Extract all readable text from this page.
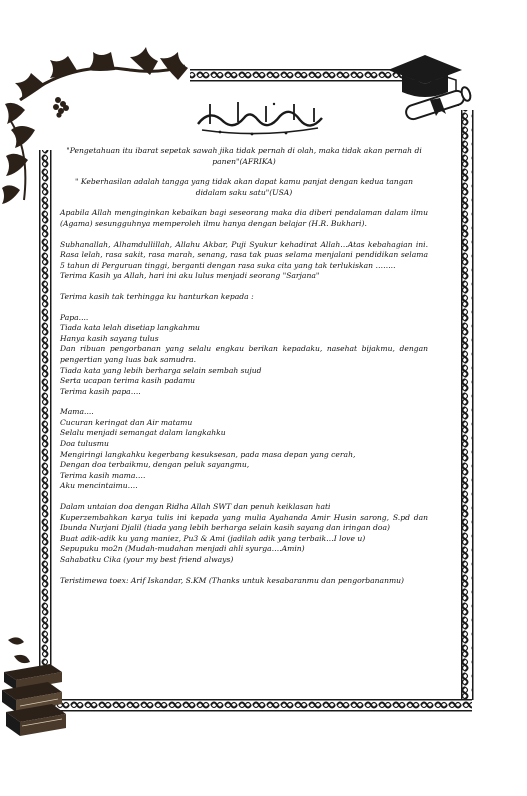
بسم الله الرحمن الرحيم

"Pengetahuan itu ibarat sepetak sawah jika tidak pernah di olah, maka tidak akan pernah di panen"(AFRIKA)

" Keberhasilan adalah tangga yang tidak akan dapat kamu panjat dengan kedua tangan didalam saku satu"(USA)

Apabila Allah menginginkan kebaikan bagi seseorang maka dia diberi pendalaman dalam ilmu (Agama) sesungguhnya memperoleh ilmu hanya dengan belajar (H.R. Bukhari).

Subhanallah, Alhamdullillah, Allahu Akbar, Puji Syukur kehadirat Allah…Atas kebahagian ini. Rasa lelah, rasa sakit, rasa marah, senang, rasa tak puas selama menjalani pendidikan selama 5 tahun di Perguruan tinggi, berganti dengan rasa suka cita yang tak terlukiskan ……..

Terima Kasih ya Allah, hari ini aku lulus menjadi seorang "Sarjana"

Terima kasih tak terhingga ku hanturkan kepada :

Papa....
Tiada kata lelah disetiap langkahmu
Hanya kasih sayang tulus
Dan ribuan pengorbanan yang selalu engkau berikan kepadaku, nasehat bijakmu, dengan pengertian yang luas bak samudra.
Tiada kata yang lebih berharga selain sembah sujud
Serta ucapan terima kasih padamu
Terima kasih papa….
Mama....
Cucuran keringat dan Air matamu
Selalu menjadi semangat dalam langkahku
Doa tulusmu
Mengiringi langkahku kegerbang kesuksesan, pada masa depan yang cerah,
Dengan doa terbaikmu, dengan peluk sayangmu,
Terima kasih mama….
Aku mencintaimu….
Dalam untaian doa dengan Ridha Allah SWT dan penuh keiklasan hati
Kuperzembahkan karya tulis ini kepada yang mulia Ayahanda Amir Husin sarong, S.pd dan Ibunda Nurjani Djalil (tiada yang lebih berharga selain kasih sayang dan iringan doa)
Buat adik-adik ku yang maniez, Pu3 & Ami (jadilah adik yang terbaik…I love u)
Sepupuku mo2n (Mudah-mudahan menjadi ahli syurga….Amin)
Sahabatku Cika (your my best friend always)

Teristimewa toex: Arif Iskandar, S.KM (Thanks untuk kesabaranmu dan pengorbananmu)
